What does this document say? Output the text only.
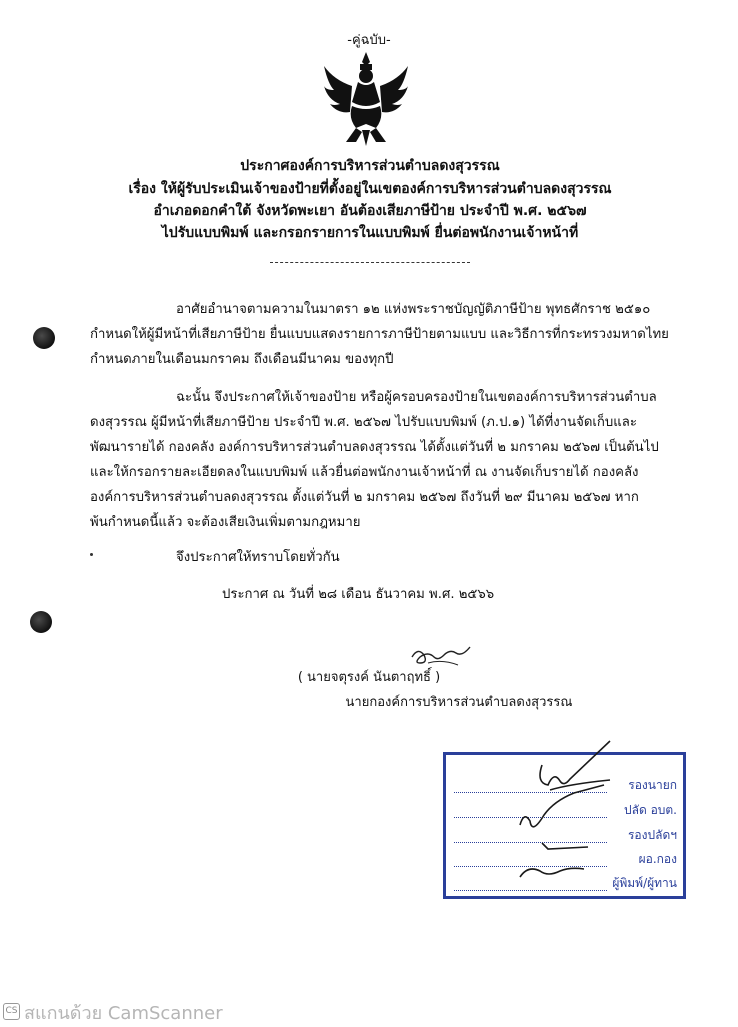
-คู่ฉบับ-
ประกาศองค์การบริหารส่วนตำบลดงสุวรรณ
เรื่อง ให้ผู้รับประเมินเจ้าของป้ายที่ตั้งอยู่ในเขตองค์การบริหารส่วนตำบลดงสุวรรณ
อำเภอดอกคำใต้ จังหวัดพะเยา อันต้องเสียภาษีป้าย ประจำปี พ.ศ. ๒๕๖๗
ไปรับแบบพิมพ์ และกรอกรายการในแบบพิมพ์ ยื่นต่อพนักงานเจ้าหน้าที่
อาศัยอำนาจตามความในมาตรา ๑๒ แห่งพระราชบัญญัติภาษีป้าย พุทธศักราช ๒๕๑๐
กำหนดให้ผู้มีหน้าที่เสียภาษีป้าย ยื่นแบบแสดงรายการภาษีป้ายตามแบบ และวิธีการที่กระทรวงมหาดไทย
กำหนดภายในเดือนมกราคม ถึงเดือนมีนาคม ของทุกปี
ฉะนั้น จึงประกาศให้เจ้าของป้าย หรือผู้ครอบครองป้ายในเขตองค์การบริหารส่วนตำบล
ดงสุวรรณ ผู้มีหน้าที่เสียภาษีป้าย ประจำปี พ.ศ. ๒๕๖๗ ไปรับแบบพิมพ์ (ภ.ป.๑) ได้ที่งานจัดเก็บและ
พัฒนารายได้ กองคลัง องค์การบริหารส่วนตำบลดงสุวรรณ ได้ตั้งแต่วันที่ ๒ มกราคม ๒๕๖๗ เป็นต้นไป
และให้กรอกรายละเอียดลงในแบบพิมพ์ แล้วยื่นต่อพนักงานเจ้าหน้าที่ ณ งานจัดเก็บรายได้ กองคลัง
องค์การบริหารส่วนตำบลดงสุวรรณ ตั้งแต่วันที่ ๒ มกราคม ๒๕๖๗ ถึงวันที่ ๒๙ มีนาคม ๒๕๖๗ หาก
พ้นกำหนดนี้แล้ว จะต้องเสียเงินเพิ่มตามกฎหมาย
จึงประกาศให้ทราบโดยทั่วกัน
ประกาศ ณ วันที่ ๒๘ เดือน ธันวาคม พ.ศ. ๒๕๖๖
( นายจตุรงค์ นันตาฤทธิ์ )
นายกองค์การบริหารส่วนตำบลดงสุวรรณ
รองนายก
ปลัด อบต.
รองปลัดฯ
ผอ.กอง
ผู้พิมพ์/ผู้ทาน
CS สแกนด้วย CamScanner
